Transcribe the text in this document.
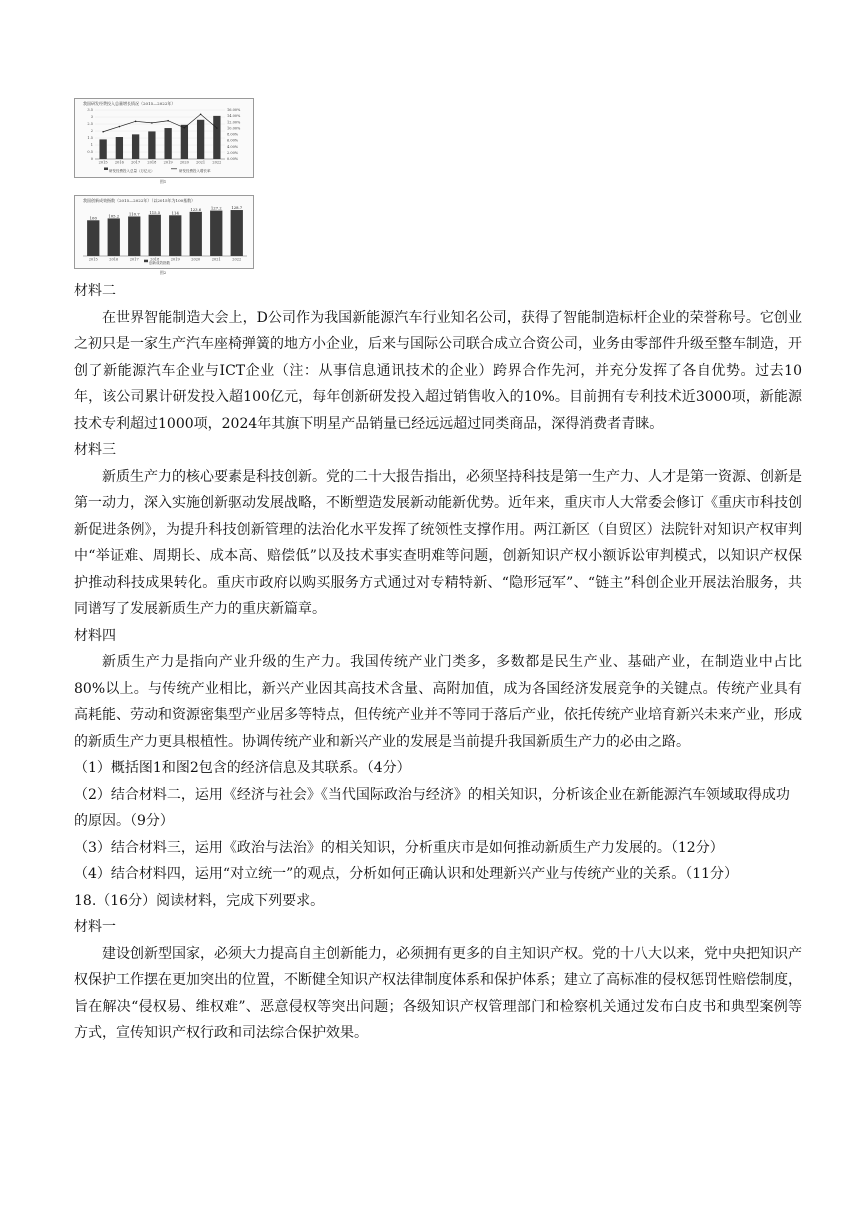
我国研发经费投入总量增长情况（2015—2022年）
0
0.5
1
1.5
2
2.5
3
3.5
0.00%
2.00%
4.00%
6.00%
8.00%
10.00%
12.00%
14.00%
16.00%
2015 2016 2017 2018 2019 2020 2021 2022
研发经费投入总量（万亿元）	研发经费投入增长率
图1
我国创新成效指数（2015—2022年）（以2015年为100基数）
100
2015
105.2
2016
110.7
2017
115.5
2018
114
2019
123.6
2020
127.2
2021
128.7
2022
创新成效指数
图2

材料二

在世界智能制造大会上，D公司作为我国新能源汽车行业知名公司，获得了智能制造标杆企业的荣誉称号。它创业之初只是一家生产汽车座椅弹簧的地方小企业，后来与国际公司联合成立合资公司，业务由零部件升级至整车制造，开创了新能源汽车企业与ICT企业（注：从事信息通讯技术的企业）跨界合作先河，并充分发挥了各自优势。过去10年，该公司累计研发投入超100亿元，每年创新研发投入超过销售收入的10%。目前拥有专利技术近3000项，新能源技术专利超过1000项，2024年其旗下明星产品销量已经远远超过同类商品，深得消费者青睐。

材料三

新质生产力的核心要素是科技创新。党的二十大报告指出，必须坚持科技是第一生产力、人才是第一资源、创新是第一动力，深入实施创新驱动发展战略，不断塑造发展新动能新优势。近年来，重庆市人大常委会修订《重庆市科技创新促进条例》，为提升科技创新管理的法治化水平发挥了统领性支撑作用。两江新区（自贸区）法院针对知识产权审判中“举证难、周期长、成本高、赔偿低”以及技术事实查明难等问题，创新知识产权小额诉讼审判模式，以知识产权保护推动科技成果转化。重庆市政府以购买服务方式通过对专精特新、“隐形冠军”、“链主”科创企业开展法治服务，共同谱写了发展新质生产力的重庆新篇章。

材料四

新质生产力是指向产业升级的生产力。我国传统产业门类多，多数都是民生产业、基础产业，在制造业中占比80%以上。与传统产业相比，新兴产业因其高技术含量、高附加值，成为各国经济发展竞争的关键点。传统产业具有高耗能、劳动和资源密集型产业居多等特点，但传统产业并不等同于落后产业，依托传统产业培育新兴未来产业，形成的新质生产力更具根植性。协调传统产业和新兴产业的发展是当前提升我国新质生产力的必由之路。

（1）概括图1和图2包含的经济信息及其联系。（4分）

（2）结合材料二，运用《经济与社会》《当代国际政治与经济》的相关知识，分析该企业在新能源汽车领域取得成功的原因。（9分）

（3）结合材料三，运用《政治与法治》的相关知识，分析重庆市是如何推动新质生产力发展的。（12分）

（4）结合材料四，运用“对立统一”的观点，分析如何正确认识和处理新兴产业与传统产业的关系。（11分）

18.（16分）阅读材料，完成下列要求。

材料一

建设创新型国家，必须大力提高自主创新能力，必须拥有更多的自主知识产权。党的十八大以来，党中央把知识产权保护工作摆在更加突出的位置，不断健全知识产权法律制度体系和保护体系；建立了高标准的侵权惩罚性赔偿制度，旨在解决“侵权易、维权难”、恶意侵权等突出问题；各级知识产权管理部门和检察机关通过发布白皮书和典型案例等方式，宣传知识产权行政和司法综合保护效果。
